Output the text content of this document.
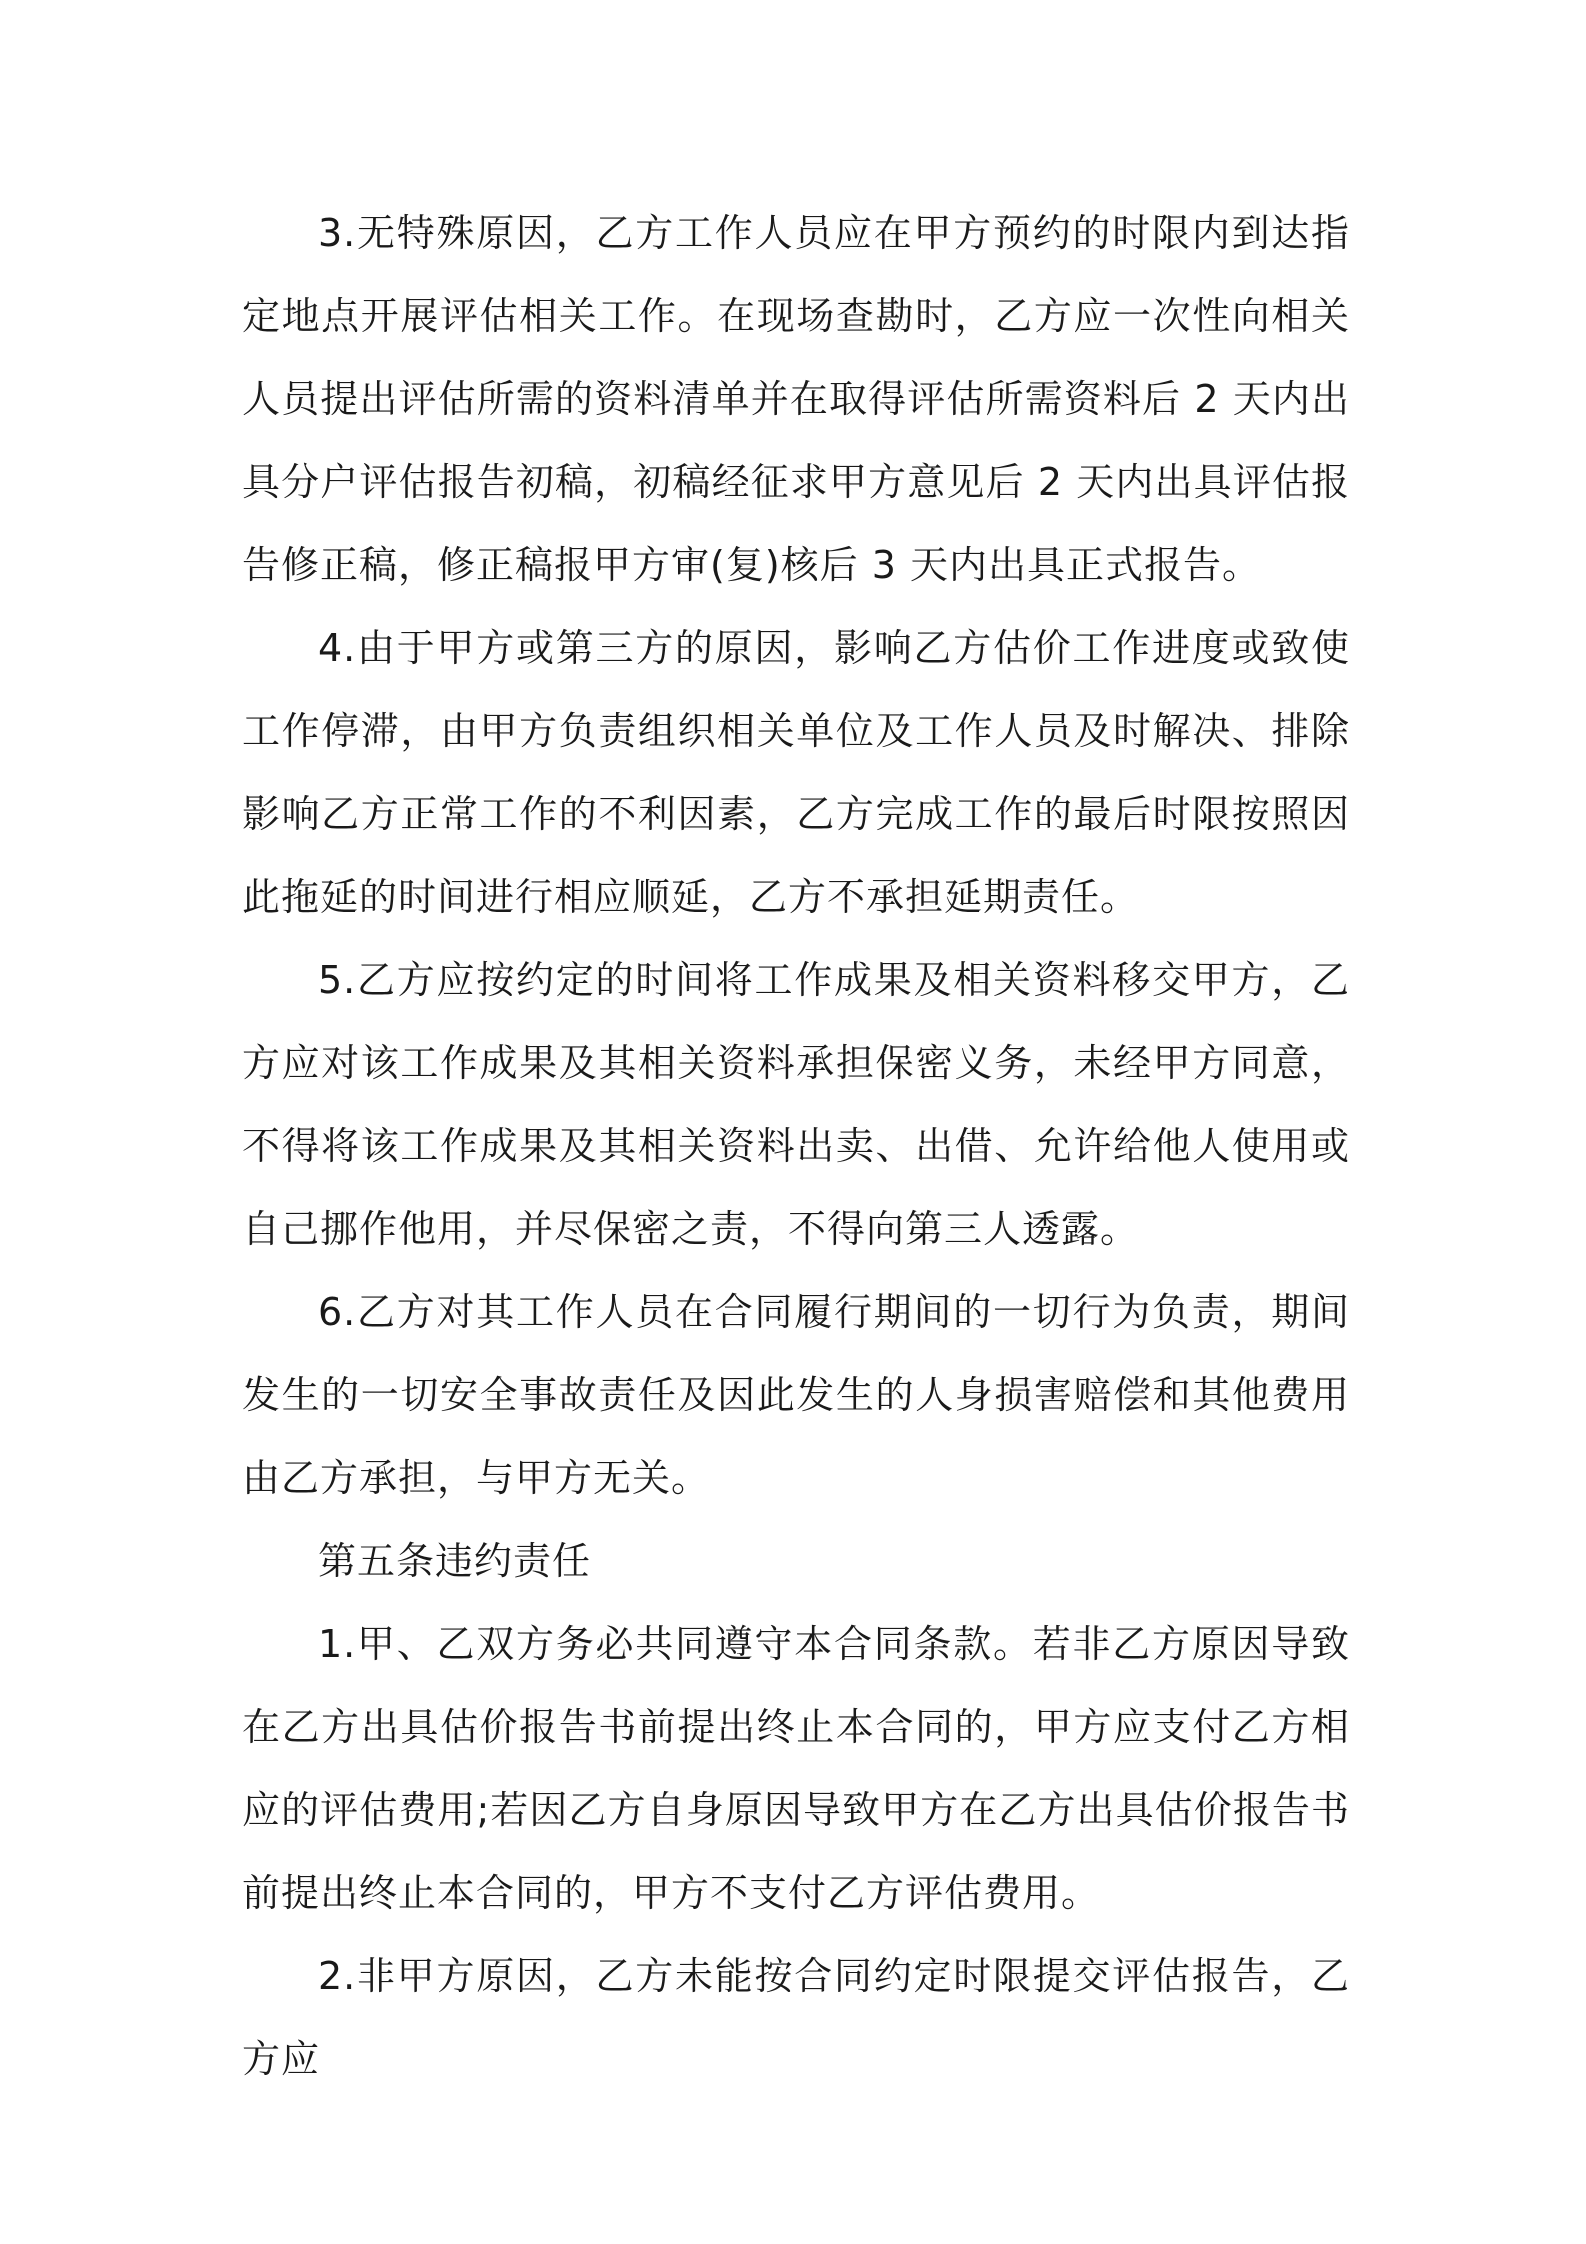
3.无特殊原因，乙方工作人员应在甲方预约的时限内到达指定地点开展评估相关工作。在现场查勘时，乙方应一次性向相关人员提出评估所需的资料清单并在取得评估所需资料后 2 天内出具分户评估报告初稿，初稿经征求甲方意见后 2 天内出具评估报告修正稿，修正稿报甲方审(复)核后 3 天内出具正式报告。

4.由于甲方或第三方的原因，影响乙方估价工作进度或致使工作停滞，由甲方负责组织相关单位及工作人员及时解决、排除影响乙方正常工作的不利因素，乙方完成工作的最后时限按照因此拖延的时间进行相应顺延，乙方不承担延期责任。

5.乙方应按约定的时间将工作成果及相关资料移交甲方，乙方应对该工作成果及其相关资料承担保密义务，未经甲方同意，不得将该工作成果及其相关资料出卖、出借、允许给他人使用或自己挪作他用，并尽保密之责，不得向第三人透露。

6.乙方对其工作人员在合同履行期间的一切行为负责，期间发生的一切安全事故责任及因此发生的人身损害赔偿和其他费用由乙方承担，与甲方无关。

第五条违约责任

1.甲、乙双方务必共同遵守本合同条款。若非乙方原因导致在乙方出具估价报告书前提出终止本合同的，甲方应支付乙方相应的评估费用;若因乙方自身原因导致甲方在乙方出具估价报告书前提出终止本合同的，甲方不支付乙方评估费用。

2.非甲方原因，乙方未能按合同约定时限提交评估报告，乙方应
